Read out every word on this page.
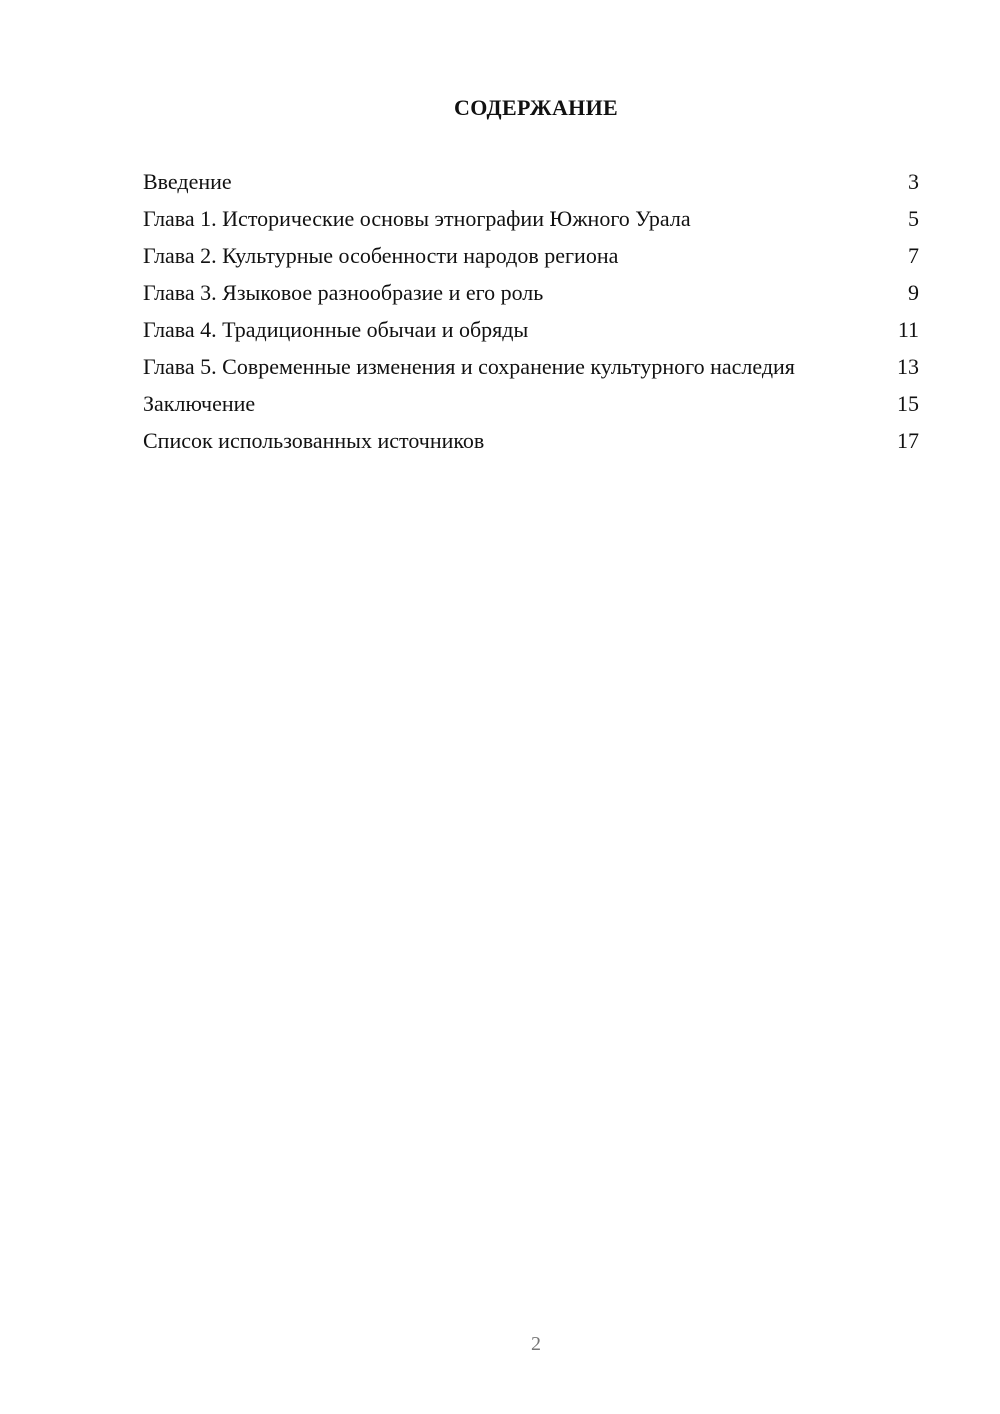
СОДЕРЖАНИЕ
Введение	3
Глава 1. Исторические основы этнографии Южного Урала	5
Глава 2. Культурные особенности народов региона	7
Глава 3. Языковое разнообразие и его роль	9
Глава 4. Традиционные обычаи и обряды	11
Глава 5. Современные изменения и сохранение культурного наследия	13
Заключение	15
Список использованных источников	17
2
